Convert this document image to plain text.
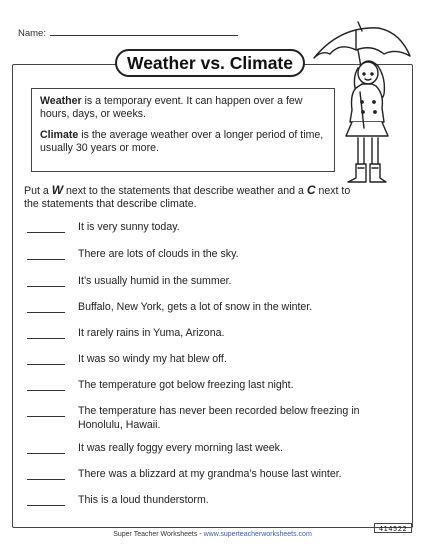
Name:
Weather vs. Climate

Weather is a temporary event. It can happen over a few hours, days, or weeks.

Climate is the average weather over a longer period of time, usually 30 years or more.

Put a W next to the statements that describe weather and a C next to the statements that describe climate.
It is very sunny today.
There are lots of clouds in the sky.
It’s usually humid in the summer.
Buffalo, New York, gets a lot of snow in the winter.
It rarely rains in Yuma, Arizona.
It was so windy my hat blew off.
The temperature got below freezing last night.
The temperature has never been recorded below freezing in Honolulu, Hawaii.
It was really foggy every morning last week.
There was a blizzard at my grandma’s house last winter.
This is a loud thunderstorm.
414522
Super Teacher Worksheets - www.superteacherworksheets.com
